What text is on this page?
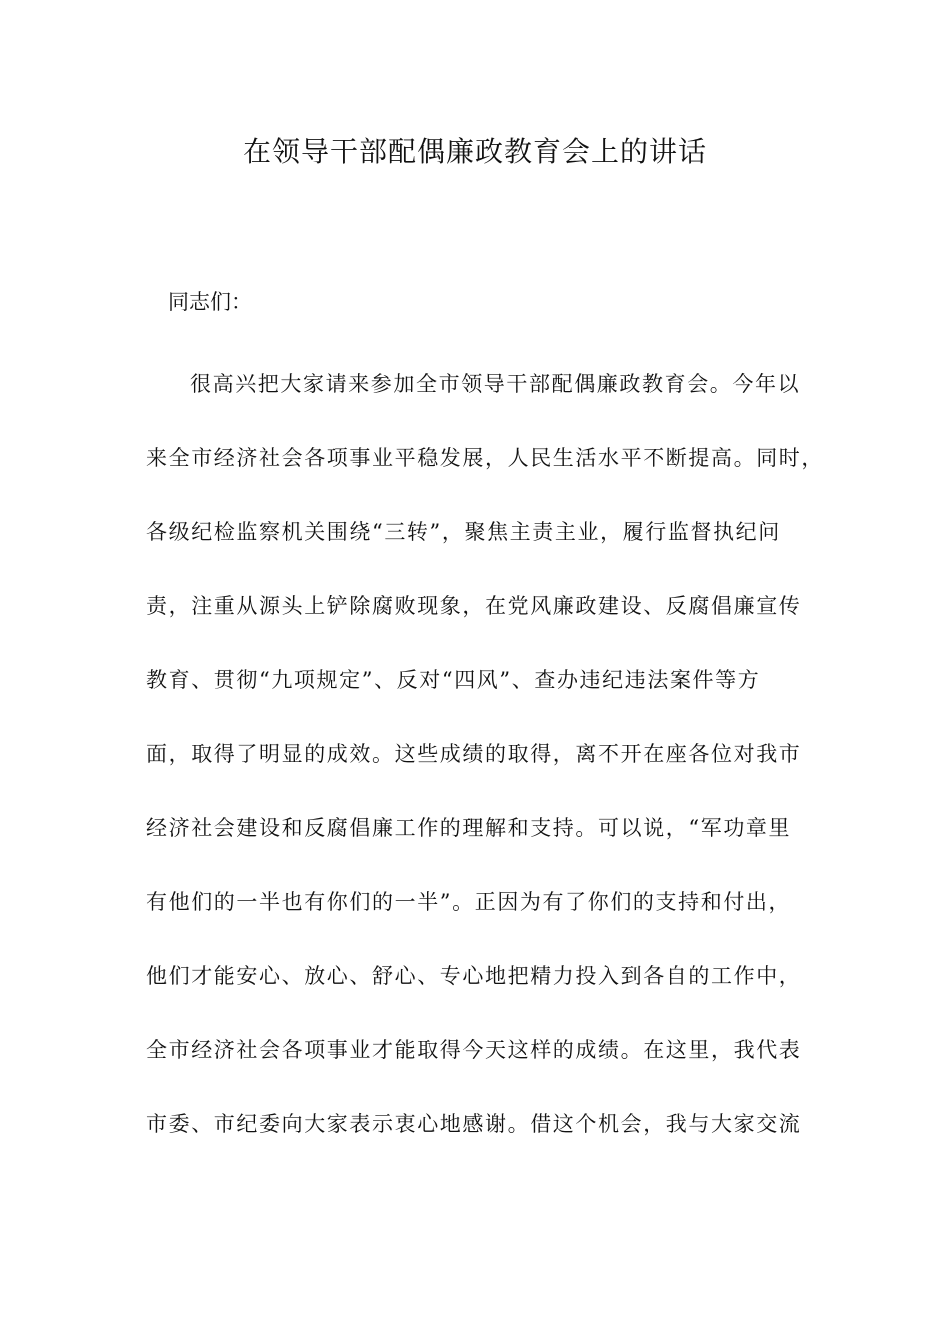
在领导干部配偶廉政教育会上的讲话

同志们：

很高兴把大家请来参加全市领导干部配偶廉政教育会。今年以
来全市经济社会各项事业平稳发展，人民生活水平不断提高。同时，
各级纪检监察机关围绕“三转”，聚焦主责主业，履行监督执纪问
责，注重从源头上铲除腐败现象，在党风廉政建设、反腐倡廉宣传
教育、贯彻“九项规定”、反对“四风”、查办违纪违法案件等方
面，取得了明显的成效。这些成绩的取得，离不开在座各位对我市
经济社会建设和反腐倡廉工作的理解和支持。可以说，“军功章里
有他们的一半也有你们的一半”。正因为有了你们的支持和付出，
他们才能安心、放心、舒心、专心地把精力投入到各自的工作中，
全市经济社会各项事业才能取得今天这样的成绩。在这里，我代表
市委、市纪委向大家表示衷心地感谢。借这个机会，我与大家交流
